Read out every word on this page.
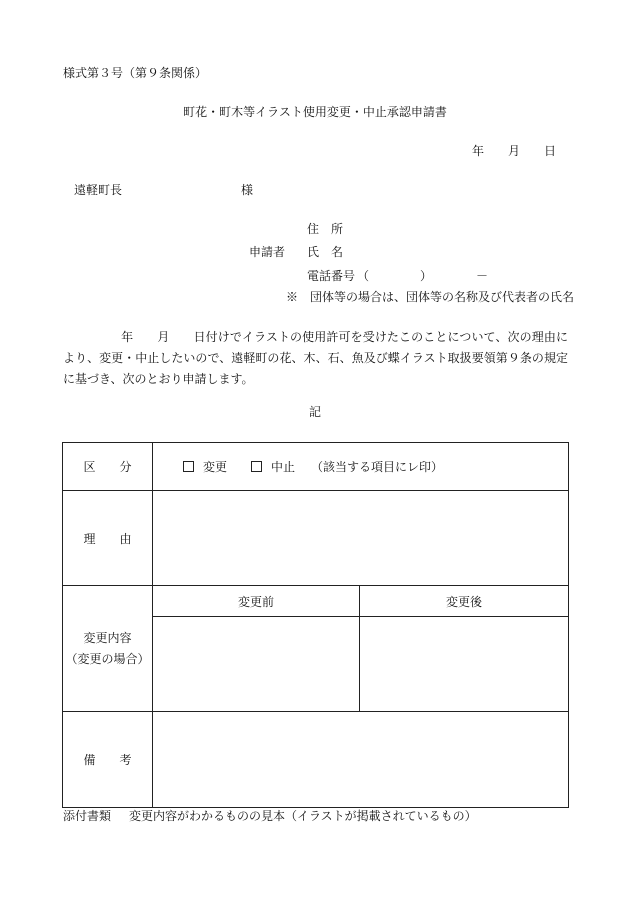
様式第３号（第９条関係）
町花・町木等イラスト使用変更・中止承認申請書
年 月 日
遠軽町長	様
住　所
申請者 氏　名
電話番号 （	）	－
※　団体等の場合は、団体等の名称及び代表者の氏名
年 月 日付けでイラストの使用許可を受けたこのことについて、次の理由により、変更・中止したいので、遠軽町の花、木、石、魚及び蝶イラスト取扱要領第９条の規定に基づき、次のとおり申請します。
記
区　　分	変更 中止 （該当する項目にレ印）	
理　　由		

変更内容
（変更の場合）	変更前	変更後

備　　考		
添付書類 変更内容がわかるものの見本（イラストが掲載されているもの）
